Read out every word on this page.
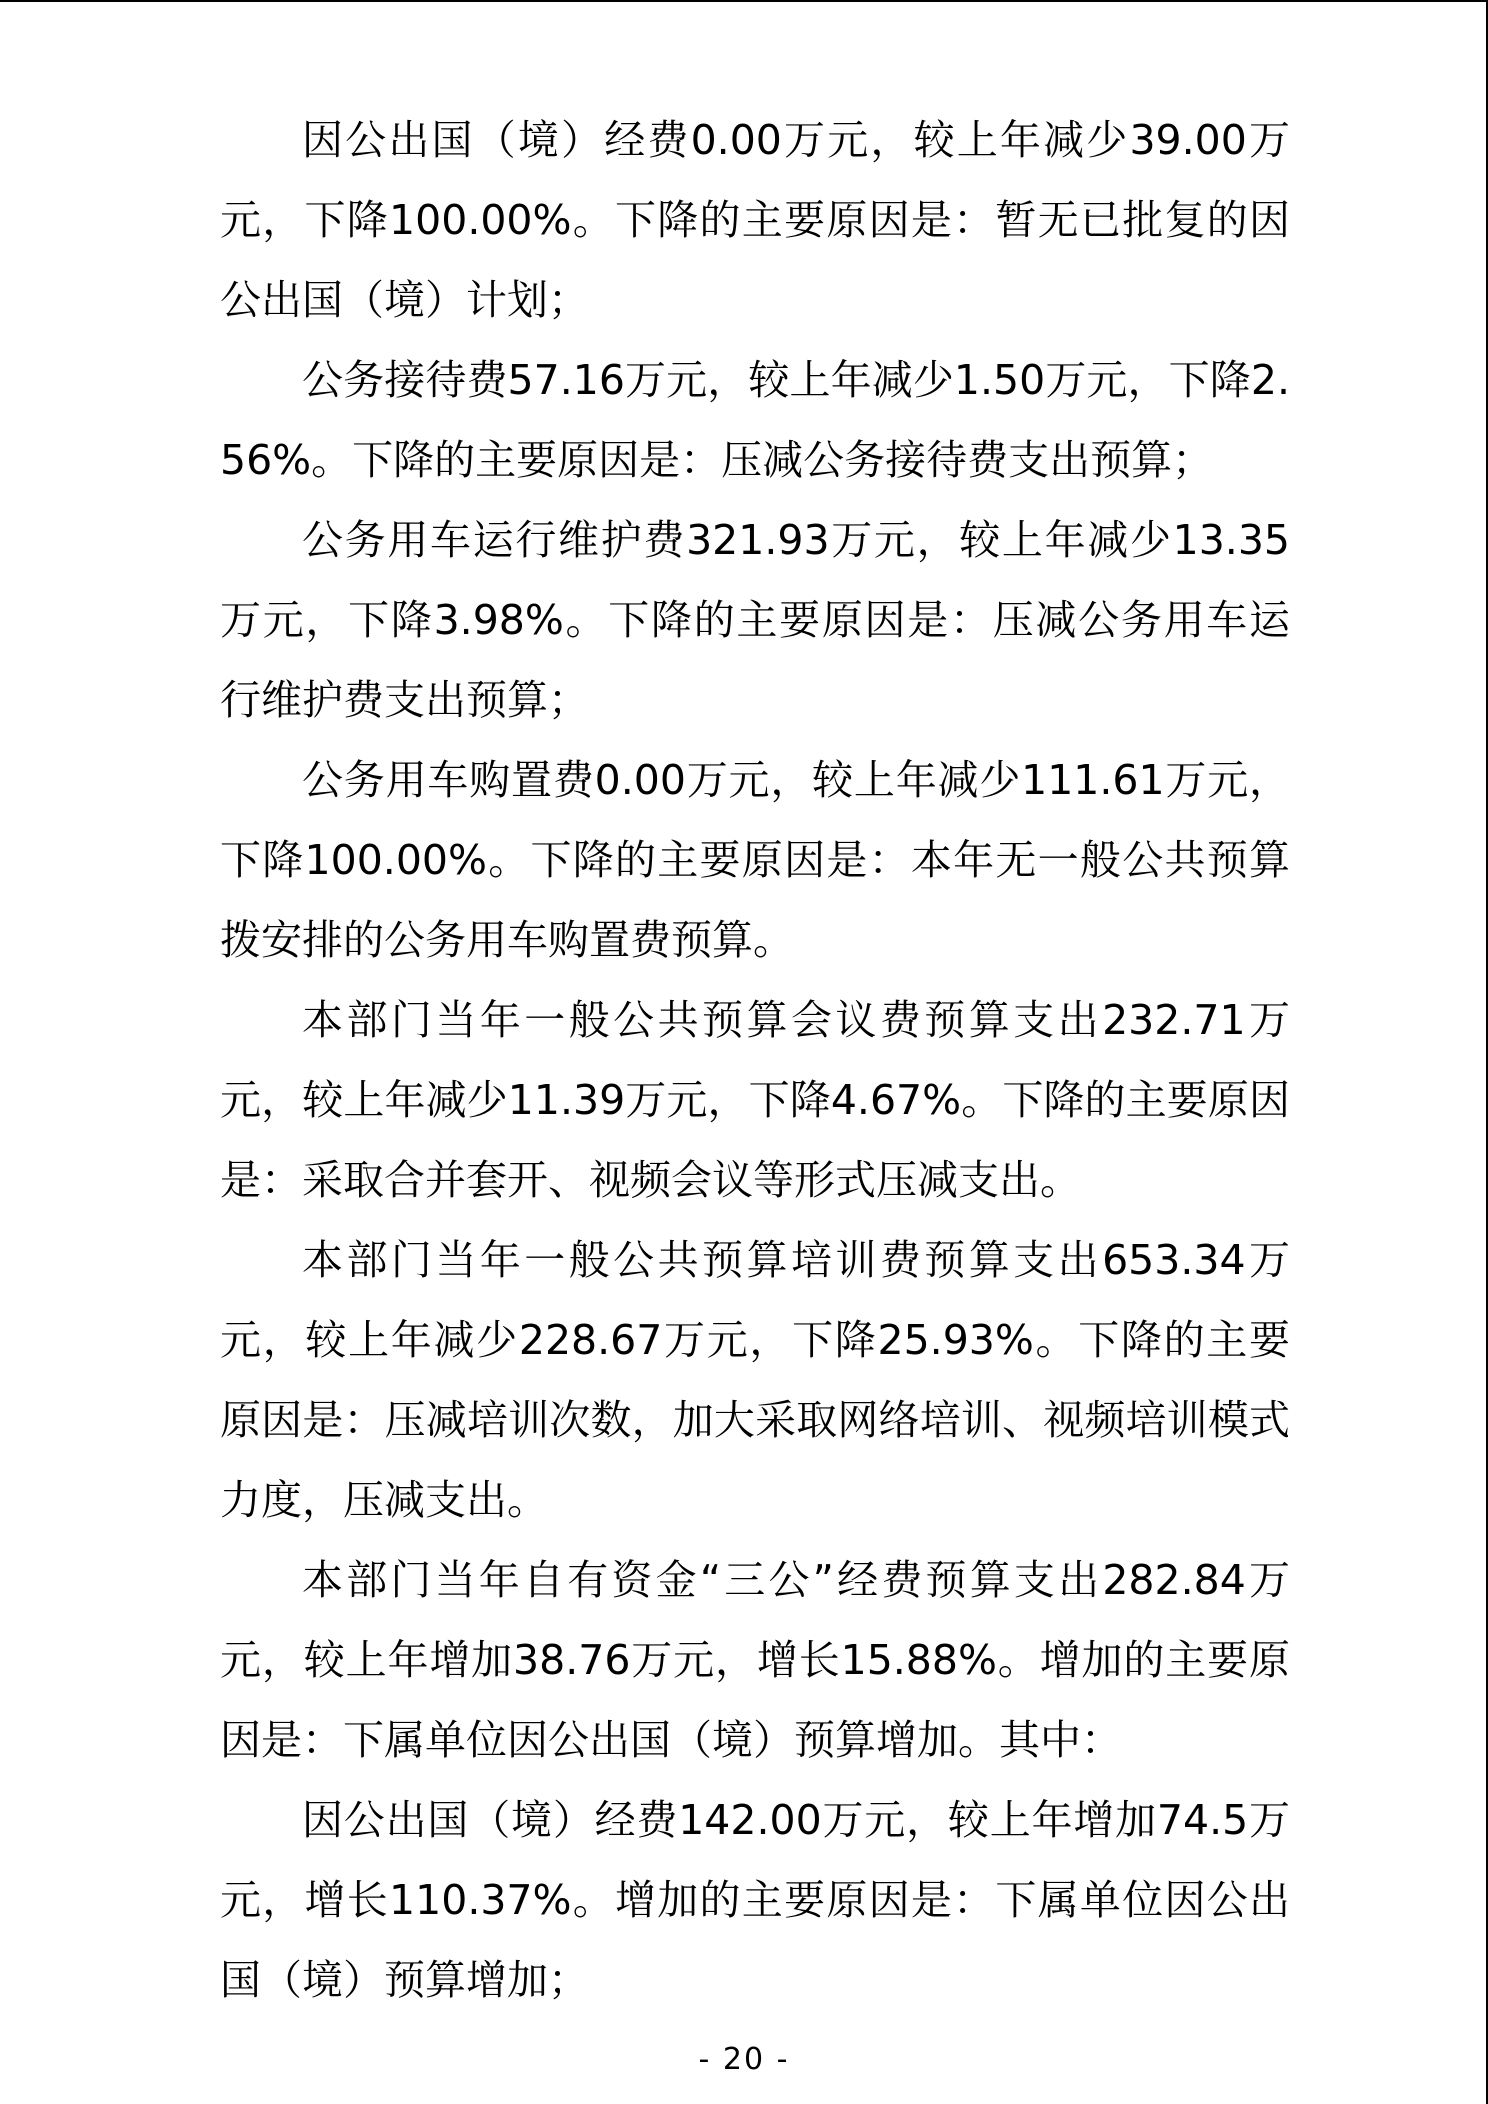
因公出国（境）经费0.00万元，较上年减少39.00万元，下降100.00%。下降的主要原因是：暂无已批复的因公出国（境）计划；

公务接待费57.16万元，较上年减少1.50万元，下降2.56%。下降的主要原因是：压减公务接待费支出预算；

公务用车运行维护费321.93万元，较上年减少13.35万元，下降3.98%。下降的主要原因是：压减公务用车运行维护费支出预算；

公务用车购置费0.00万元，较上年减少111.61万元，下降100.00%。下降的主要原因是：本年无一般公共预算拨安排的公务用车购置费预算。

本部门当年一般公共预算会议费预算支出232.71万元，较上年减少11.39万元，下降4.67%。下降的主要原因是：采取合并套开、视频会议等形式压减支出。

本部门当年一般公共预算培训费预算支出653.34万元，较上年减少228.67万元，下降25.93%。下降的主要原因是：压减培训次数，加大采取网络培训、视频培训模式力度，压减支出。

本部门当年自有资金“三公”经费预算支出282.84万元，较上年增加38.76万元，增长15.88%。增加的主要原因是：下属单位因公出国（境）预算增加。其中：

因公出国（境）经费142.00万元，较上年增加74.5万元，增长110.37%。增加的主要原因是：下属单位因公出国（境）预算增加；

- 20 -
